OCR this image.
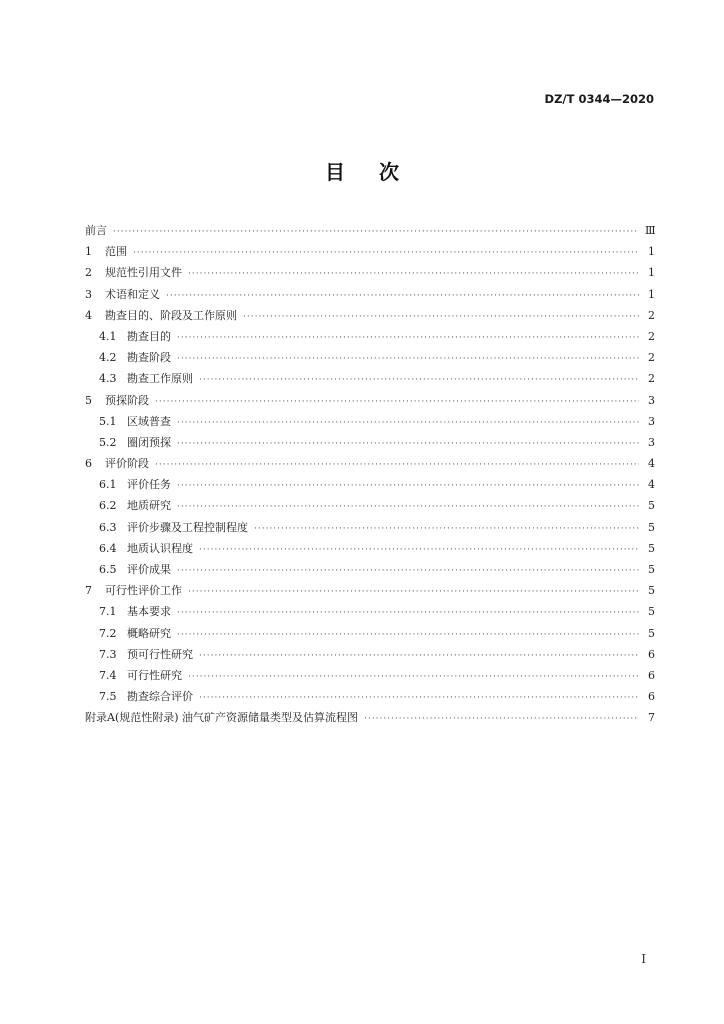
DZ/T 0344—2020
目次
前言 ·····	Ⅲ
1	范围 ·····	1
2	规范性引用文件 ·····	1
3	术语和定义 ·····	1
4	勘查目的、阶段及工作原则 ·····	2
4.1 勘查目的 ·····	2
4.2 勘查阶段 ·····	2
4.3 勘查工作原则 ·····	2
5	预探阶段 ·····	3
5.1 区域普查 ·····	3
5.2 圈闭预探 ·····	3
6	评价阶段 ·····	4
6.1 评价任务 ·····	4
6.2 地质研究 ·····	5
6.3 评价步骤及工程控制程度 ·····	5
6.4 地质认识程度 ·····	5
6.5 评价成果 ·····	5
7	可行性评价工作 ·····	5
7.1 基本要求 ·····	5
7.2 概略研究 ·····	5
7.3 预可行性研究 ·····	6
7.4 可行性研究 ·····	6
7.5 勘查综合评价 ·····	6
附录A(规范性附录) 油气矿产资源储量类型及估算流程图 ·····	7
I
